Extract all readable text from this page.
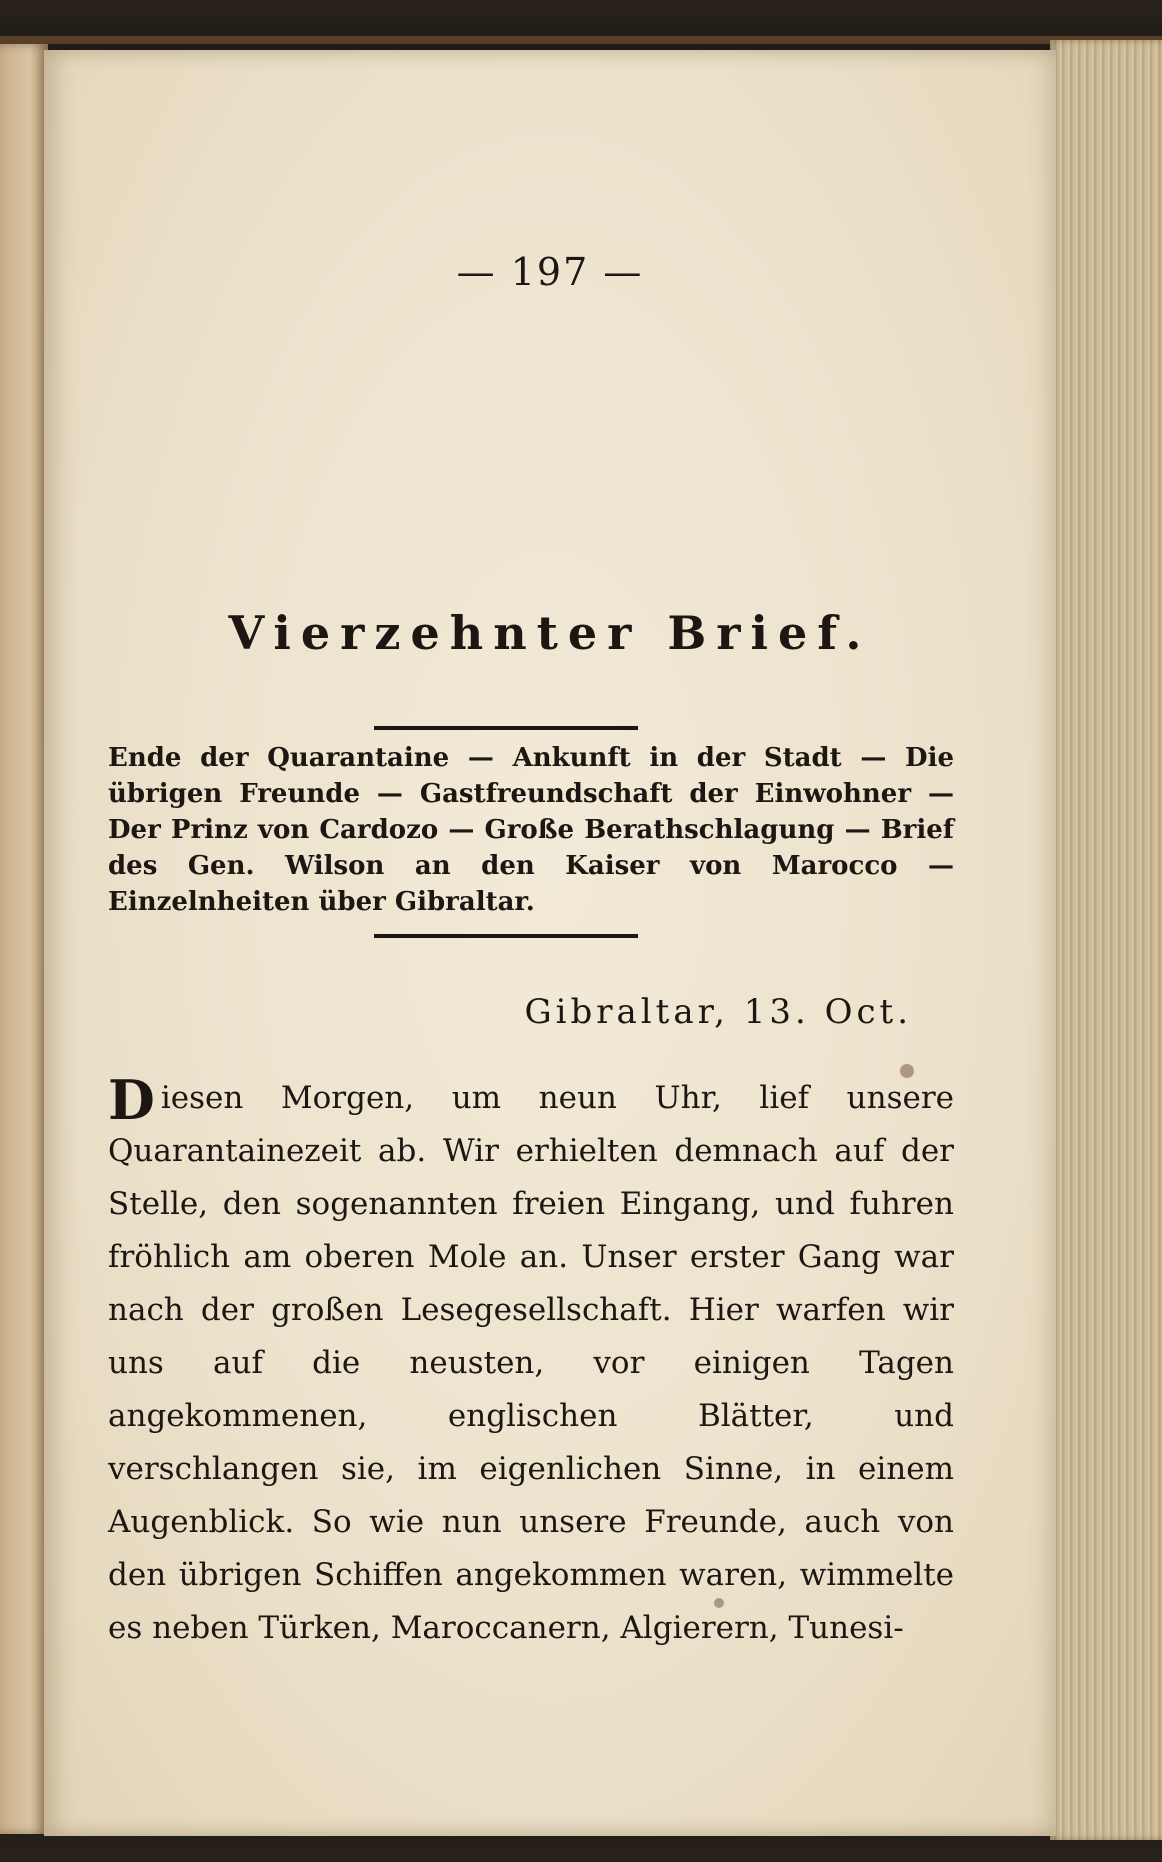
— 197 —
Vierzehnter Brief.
Ende der Quarantaine — Ankunft in der Stadt — Die übrigen Freunde — Gastfreundschaft der Einwohner — Der Prinz von Cardozo — Große Berathschlagung — Brief des Gen. Wilson an den Kaiser von Marocco — Einzelnheiten über Gibraltar.
Gibraltar, 13. Oct.
Diesen Morgen, um neun Uhr, lief unsere Quarantainezeit ab. Wir erhielten demnach auf der Stelle, den sogenannten freien Eingang, und fuhren fröhlich am oberen Mole an. Unser erster Gang war nach der großen Lesegesellschaft. Hier warfen wir uns auf die neusten, vor einigen Tagen angekommenen, englischen Blätter, und verschlangen sie, im eigenlichen Sinne, in einem Augenblick. So wie nun unsere Freunde, auch von den übrigen Schiffen angekommen waren, wimmelte es neben Türken, Maroccanern, Algierern, Tunesi-
